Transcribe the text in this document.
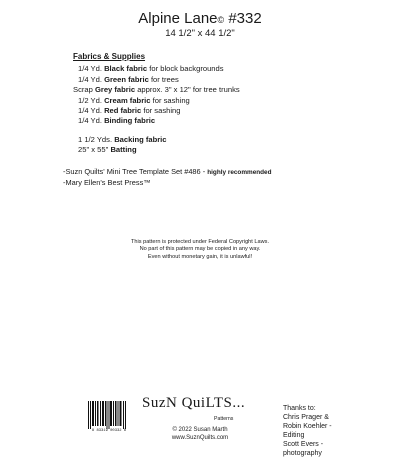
Alpine Lane© #332
14 1/2" x 44 1/2"
Fabrics & Supplies
1/4 Yd. Black fabric for block backgrounds
1/4 Yd. Green fabric for trees
Scrap Grey fabric approx. 3" x 12" for tree trunks
1/2 Yd. Cream fabric for sashing
1/4 Yd. Red fabric for sashing
1/4 Yd. Binding fabric
1 1/2 Yds. Backing fabric
25" x 55" Batting
-Suzn Quilts' Mini Tree Template Set #486 - highly recommended
-Mary Ellen's Best Press™
This pattern is protected under Federal Copyright Laws.
No part of this pattern may be copied in any way.
Even without monetary gain, it is unlawful!
8 83319 00332 8
SuzN QuiLTS...
Patterns
© 2022 Susan Marth
www.SuznQuilts.com
Thanks to:
Chris Prager &
Robin Koehler -
Editing
Scott Evers -
photography
